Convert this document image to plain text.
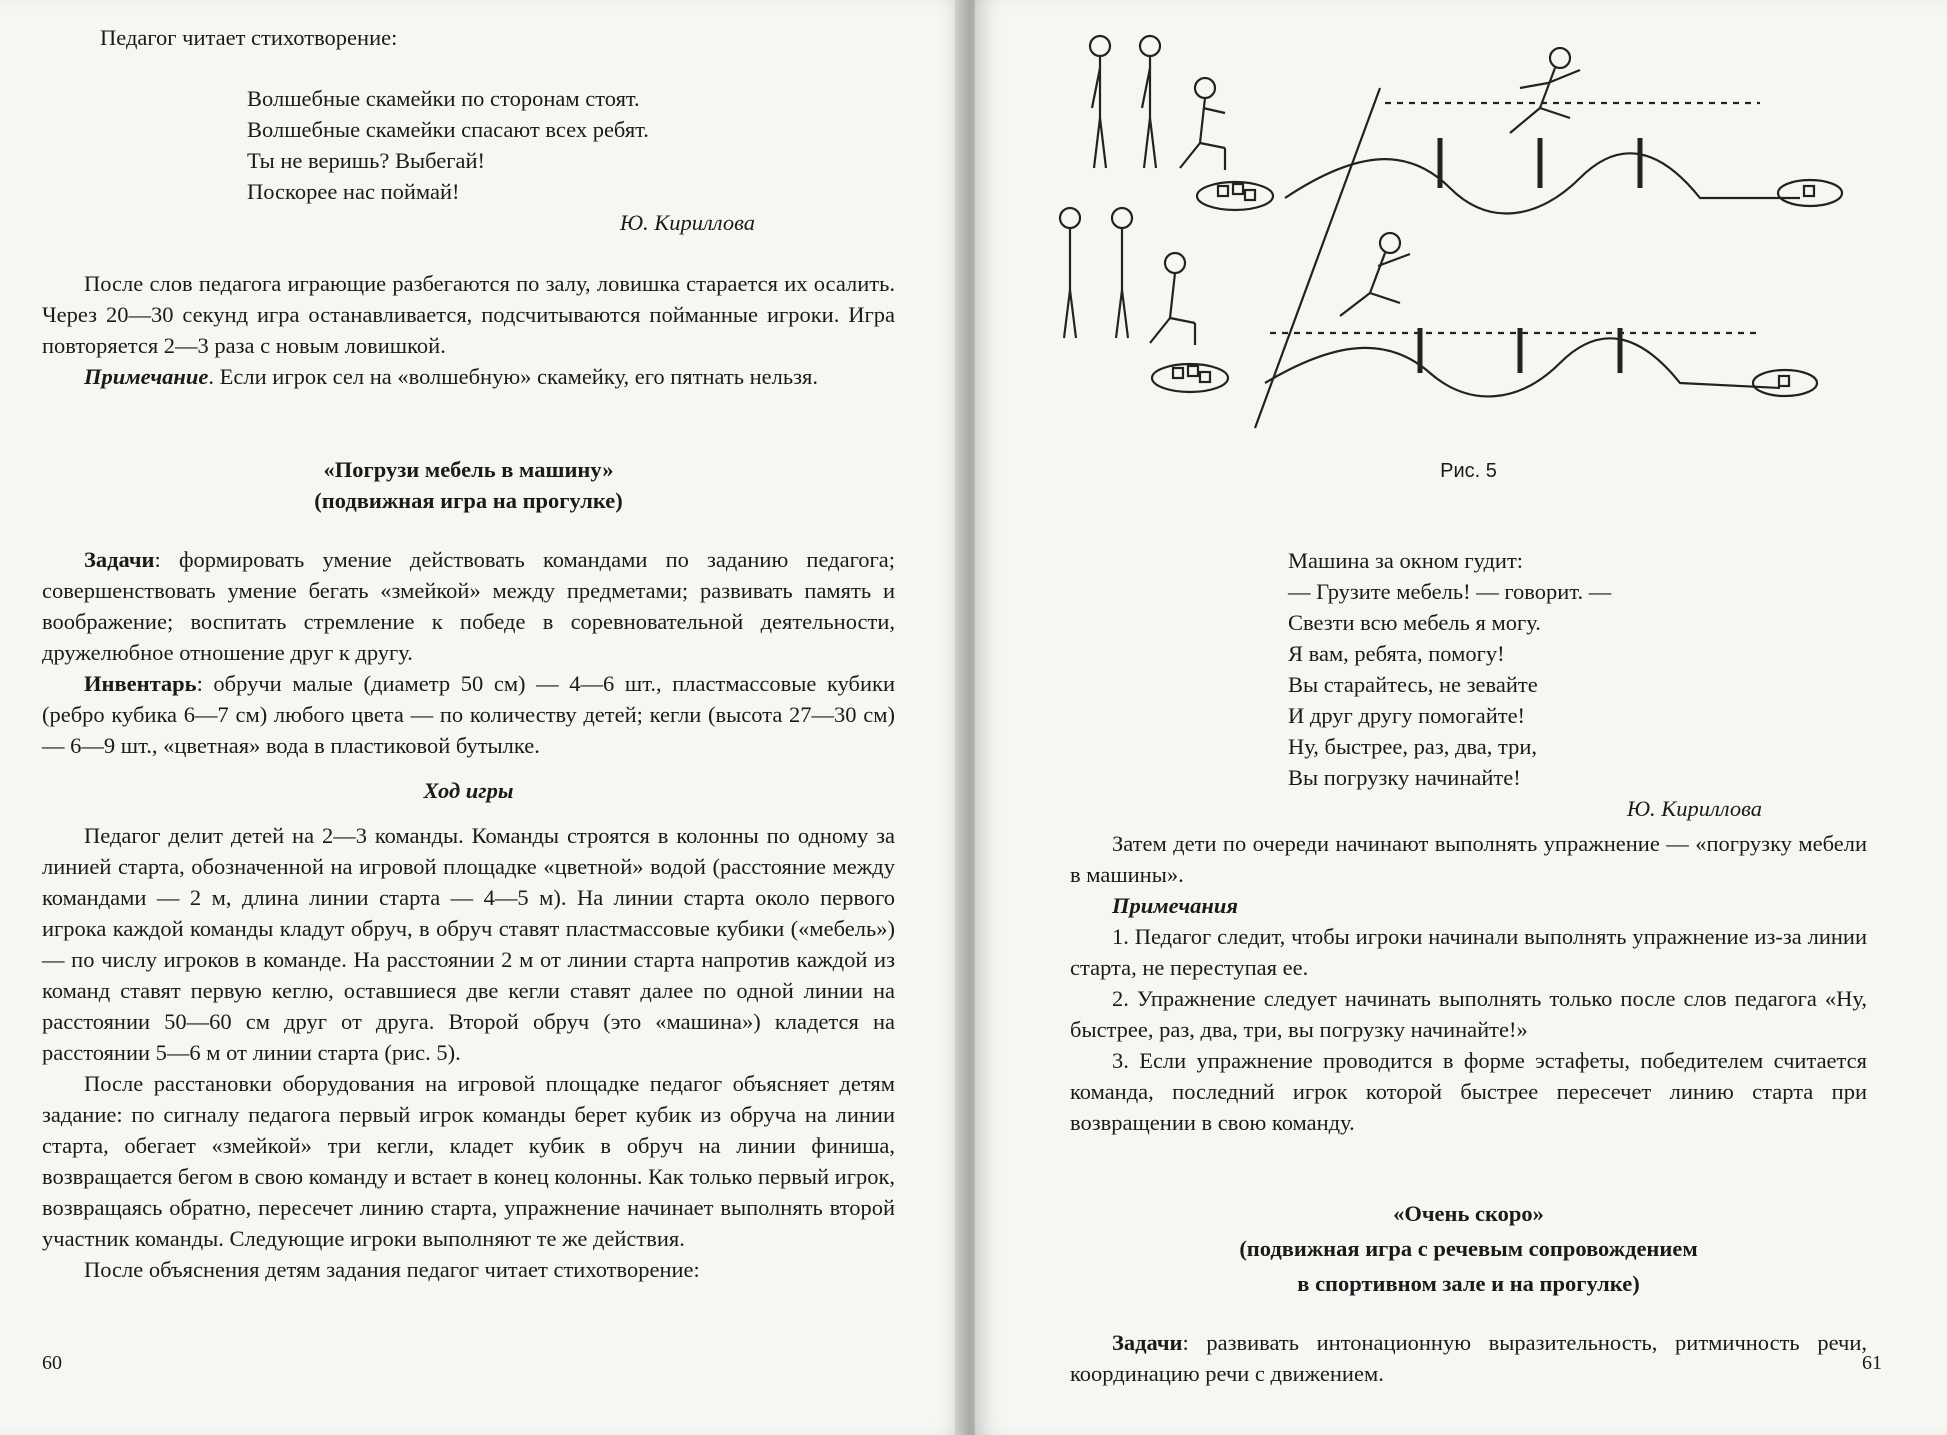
Педагог читает стихотворение:

Волшебные скамейки по сторонам стоят.
Волшебные скамейки спасают всех ребят.
Ты не веришь? Выбегай!
Поскорее нас поймай!
Ю. Кириллова

После слов педагога играющие разбегаются по залу, ловишка старается их осалить. Через 20—30 секунд игра останавливается, подсчитываются пойманные игроки. Игра повторяется 2—3 раза с новым ловишкой.

Примечание. Если игрок сел на «волшебную» скамейку, его пятнать нельзя.

«Погрузи мебель в машину»
(подвижная игра на прогулке)

Задачи: формировать умение действовать командами по заданию педагога; совершенствовать умение бегать «змейкой» между предметами; развивать память и воображение; воспитать стремление к победе в соревновательной деятельности, дружелюбное отношение друг к другу.

Инвентарь: обручи малые (диаметр 50 см) — 4—6 шт., пластмассовые кубики (ребро кубика 6—7 см) любого цвета — по количеству детей; кегли (высота 27—30 см) — 6—9 шт., «цветная» вода в пластиковой бутылке.

Ход игры

Педагог делит детей на 2—3 команды. Команды строятся в колонны по одному за линией старта, обозначенной на игровой площадке «цветной» водой (расстояние между командами — 2 м, длина линии старта — 4—5 м). На линии старта около первого игрока каждой команды кладут обруч, в обруч ставят пластмассовые кубики («мебель») — по числу игроков в команде. На расстоянии 2 м от линии старта напротив каждой из команд ставят первую кеглю, оставшиеся две кегли ставят далее по одной линии на расстоянии 50—60 см друг от друга. Второй обруч (это «машина») кладется на расстоянии 5—6 м от линии старта (рис. 5).

После расстановки оборудования на игровой площадке педагог объясняет детям задание: по сигналу педагога первый игрок команды берет кубик из обруча на линии старта, обегает «змейкой» три кегли, кладет кубик в обруч на линии финиша, возвращается бегом в свою команду и встает в конец колонны. Как только первый игрок, возвращаясь обратно, пересечет линию старта, упражнение начинает выполнять второй участник команды. Следующие игроки выполняют те же действия.

После объяснения детям задания педагог читает стихотворение:

60
Рис. 5
Машина за окном гудит:
— Грузите мебель! — говорит. —
Свезти всю мебель я могу.
Я вам, ребята, помогу!
Вы старайтесь, не зевайте
И друг другу помогайте!
Ну, быстрее, раз, два, три,
Вы погрузку начинайте!
Ю. Кириллова

Затем дети по очереди начинают выполнять упражнение — «погрузку мебели в машины».

Примечания

1. Педагог следит, чтобы игроки начинали выполнять упражнение из-за линии старта, не переступая ее.

2. Упражнение следует начинать выполнять только после слов педагога «Ну, быстрее, раз, два, три, вы погрузку начинайте!»

3. Если упражнение проводится в форме эстафеты, победителем считается команда, последний игрок которой быстрее пересечет линию старта при возвращении в свою команду.

«Очень скоро»
(подвижная игра с речевым сопровождением
в спортивном зале и на прогулке)

Задачи: развивать интонационную выразительность, ритмичность речи, координацию речи с движением.	61
